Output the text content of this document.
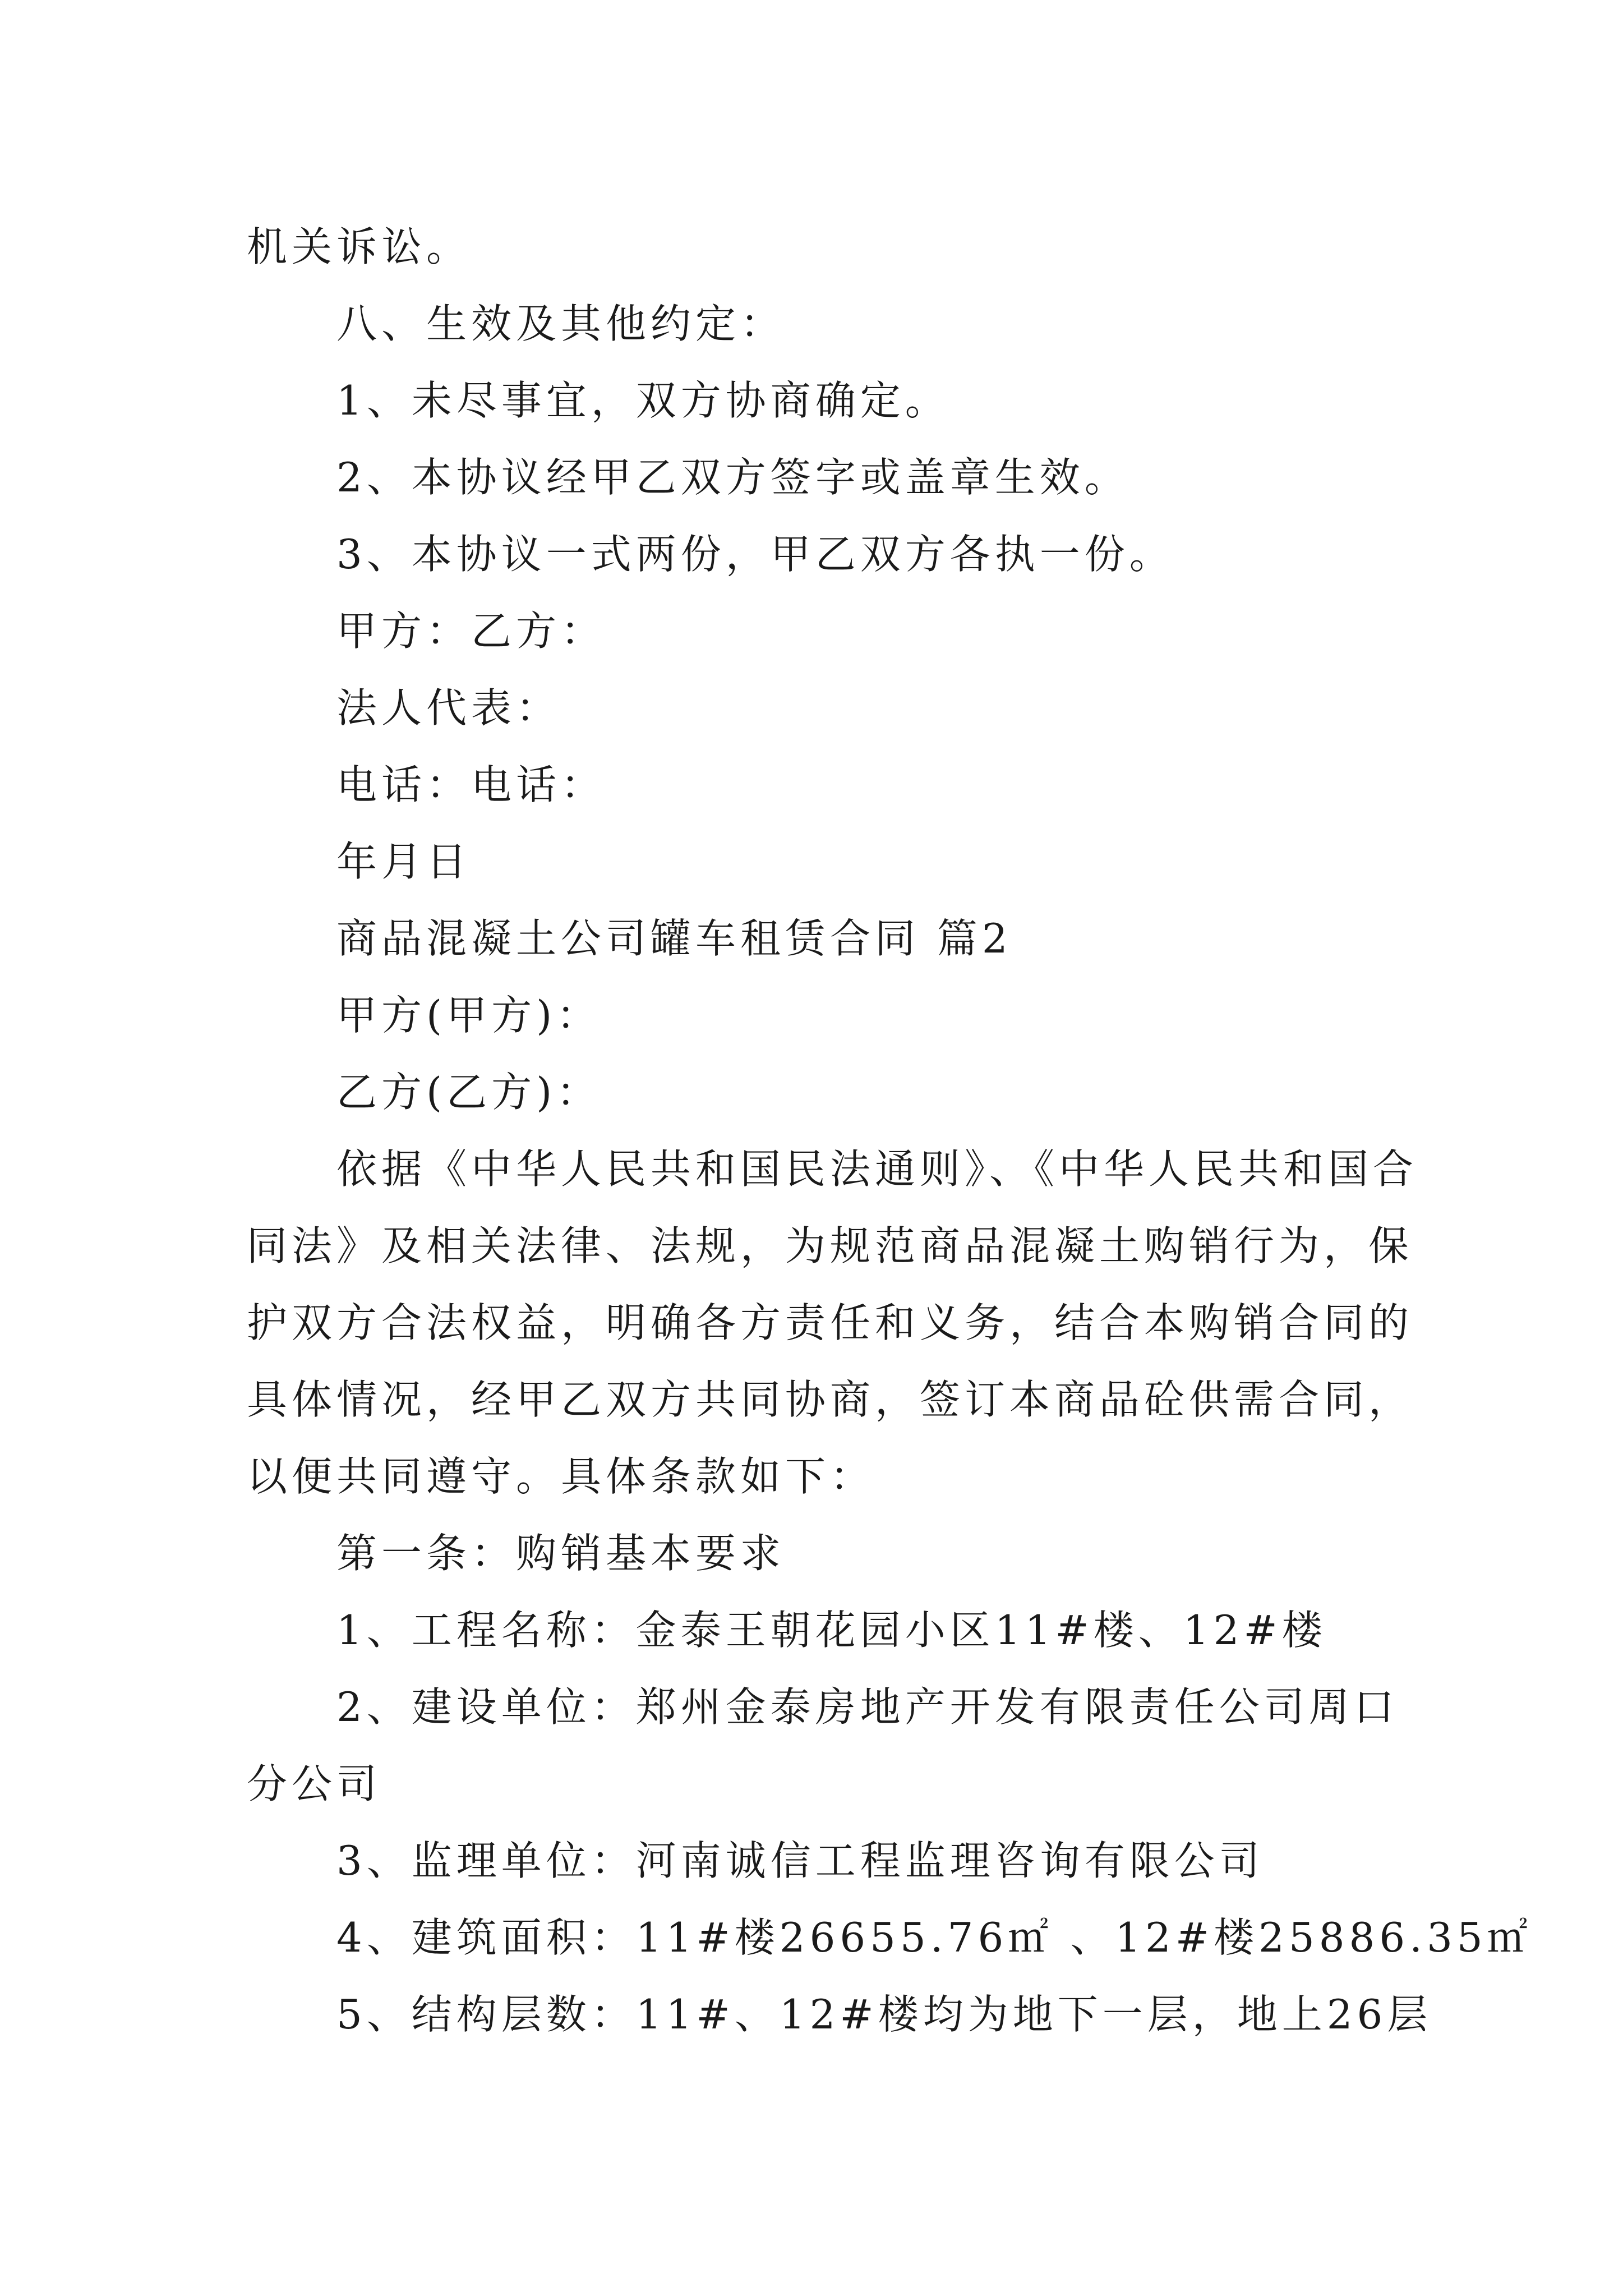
机关诉讼。
八、生效及其他约定：
1、未尽事宜，双方协商确定。
2、本协议经甲乙双方签字或盖章生效。
3、本协议一式两份，甲乙双方各执一份。
甲方：乙方：
法人代表：
电话：电话：
年月日
商品混凝土公司罐车租赁合同 篇2
甲方(甲方)：
乙方(乙方)：
依据《中华人民共和国民法通则》、《中华人民共和国合
同法》及相关法律、法规，为规范商品混凝土购销行为，保
护双方合法权益，明确各方责任和义务，结合本购销合同的
具体情况，经甲乙双方共同协商，签订本商品砼供需合同，
以便共同遵守。具体条款如下：
第一条：购销基本要求
1、工程名称：金泰王朝花园小区11#楼、12#楼
2、建设单位：郑州金泰房地产开发有限责任公司周口
分公司
3、监理单位：河南诚信工程监理咨询有限公司
4、建筑面积：11#楼26655.76㎡ 、12#楼25886.35㎡
5、结构层数：11#、12#楼均为地下一层，地上26层
